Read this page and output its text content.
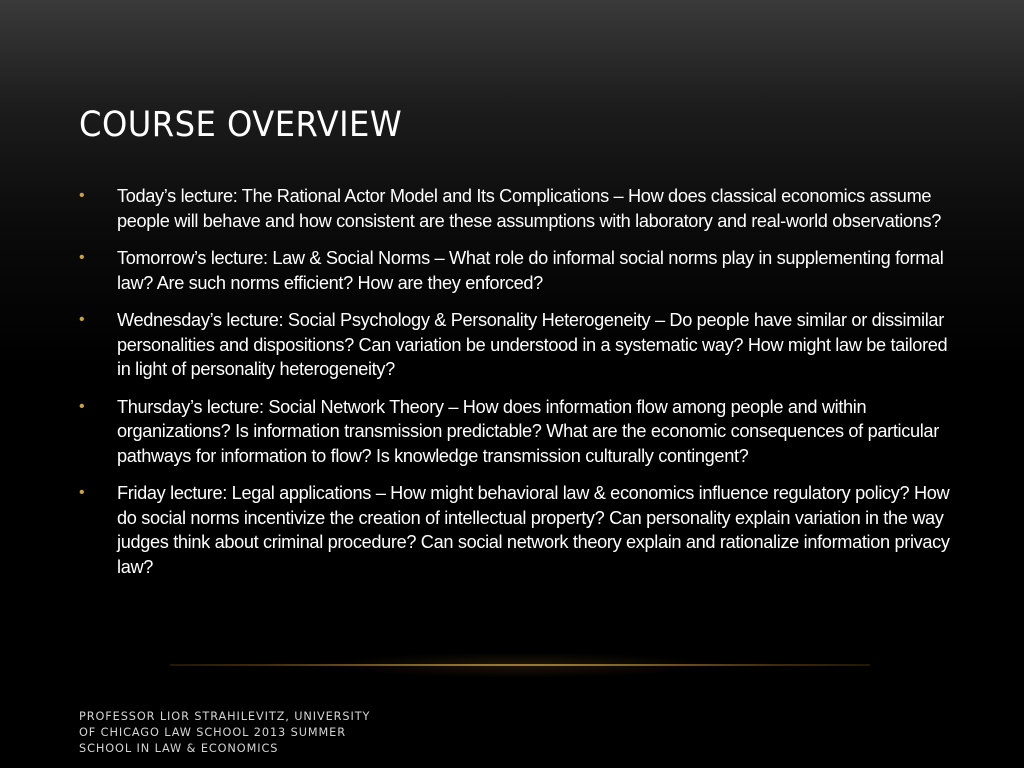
COURSE OVERVIEW
• Today’s lecture: The Rational Actor Model and Its Complications – How does classical economics assume people will behave and how consistent are these assumptions with laboratory and real-world observations?
• Tomorrow’s lecture: Law & Social Norms – What role do informal social norms play in supplementing formal law? Are such norms efficient? How are they enforced?
• Wednesday’s lecture: Social Psychology & Personality Heterogeneity – Do people have similar or dissimilar personalities and dispositions? Can variation be understood in a systematic way? How might law be tailored in light of personality heterogeneity?
• Thursday’s lecture: Social Network Theory – How does information flow among people and within organizations? Is information transmission predictable? What are the economic consequences of particular pathways for information to flow? Is knowledge transmission culturally contingent?
• Friday lecture: Legal applications – How might behavioral law & economics influence regulatory policy? How do social norms incentivize the creation of intellectual property? Can personality explain variation in the way judges think about criminal procedure? Can social network theory explain and rationalize information privacy law?

PROFESSOR LIOR STRAHILEVITZ, UNIVERSITY OF CHICAGO LAW SCHOOL 2013 SUMMER SCHOOL IN LAW & ECONOMICS
